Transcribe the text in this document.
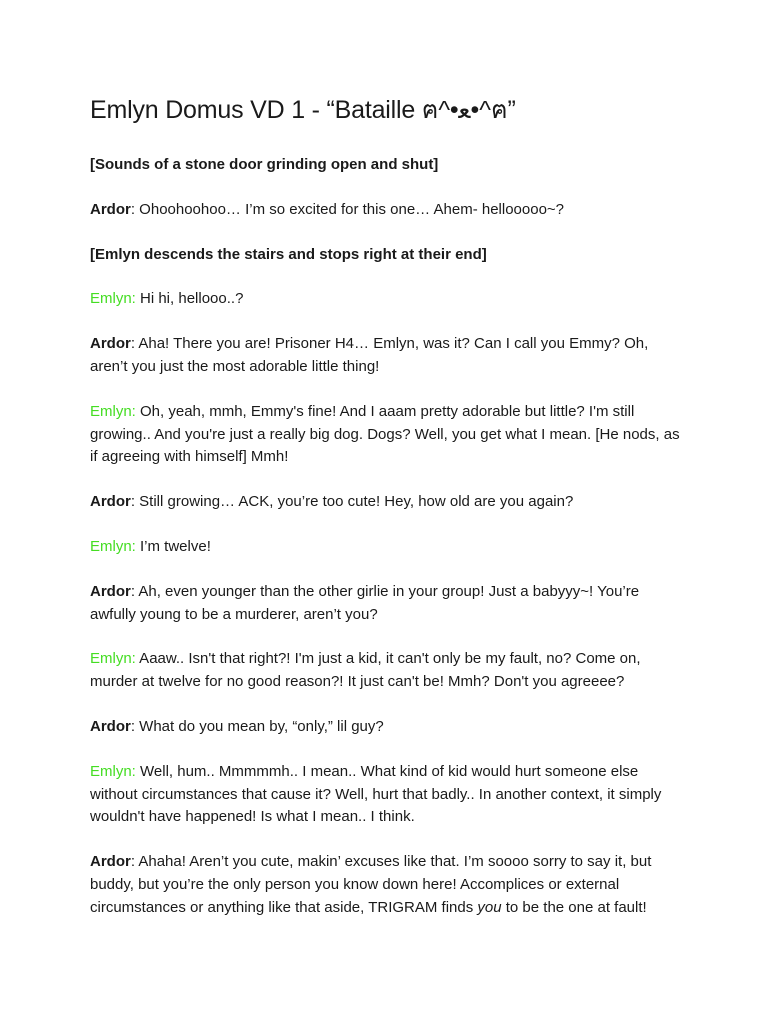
Emlyn Domus VD 1 - “Bataille ฅ^•ﻌ•^ฅ”

[Sounds of a stone door grinding open and shut]

Ardor: Ohoohoohoo… I’m so excited for this one… Ahem- hellooooo~?

[Emlyn descends the stairs and stops right at their end]

Emlyn: Hi hi, hellooo..?

Ardor: Aha! There you are! Prisoner H4… Emlyn, was it? Can I call you Emmy? Oh, aren’t you just the most adorable little thing!

Emlyn: Oh, yeah, mmh, Emmy's fine! And I aaam pretty adorable but little? I'm still growing.. And you're just a really big dog. Dogs? Well, you get what I mean. [He nods, as if agreeing with himself] Mmh!

Ardor: Still growing… ACK, you’re too cute! Hey, how old are you again?

Emlyn: I’m twelve!

Ardor: Ah, even younger than the other girlie in your group! Just a babyyy~! You’re awfully young to be a murderer, aren’t you?

Emlyn: Aaaw.. Isn't that right?! I'm just a kid, it can't only be my fault, no? Come on, murder at twelve for no good reason?! It just can't be! Mmh? Don't you agreeee?

Ardor: What do you mean by, “only,” lil guy?

Emlyn: Well, hum.. Mmmmmh.. I mean.. What kind of kid would hurt someone else without circumstances that cause it? Well, hurt that badly.. In another context, it simply wouldn't have happened! Is what I mean.. I think.

Ardor: Ahaha! Aren’t you cute, makin’ excuses like that. I’m soooo sorry to say it, but buddy, but you’re the only person you know down here! Accomplices or external circumstances or anything like that aside, TRIGRAM finds you to be the one at fault!
